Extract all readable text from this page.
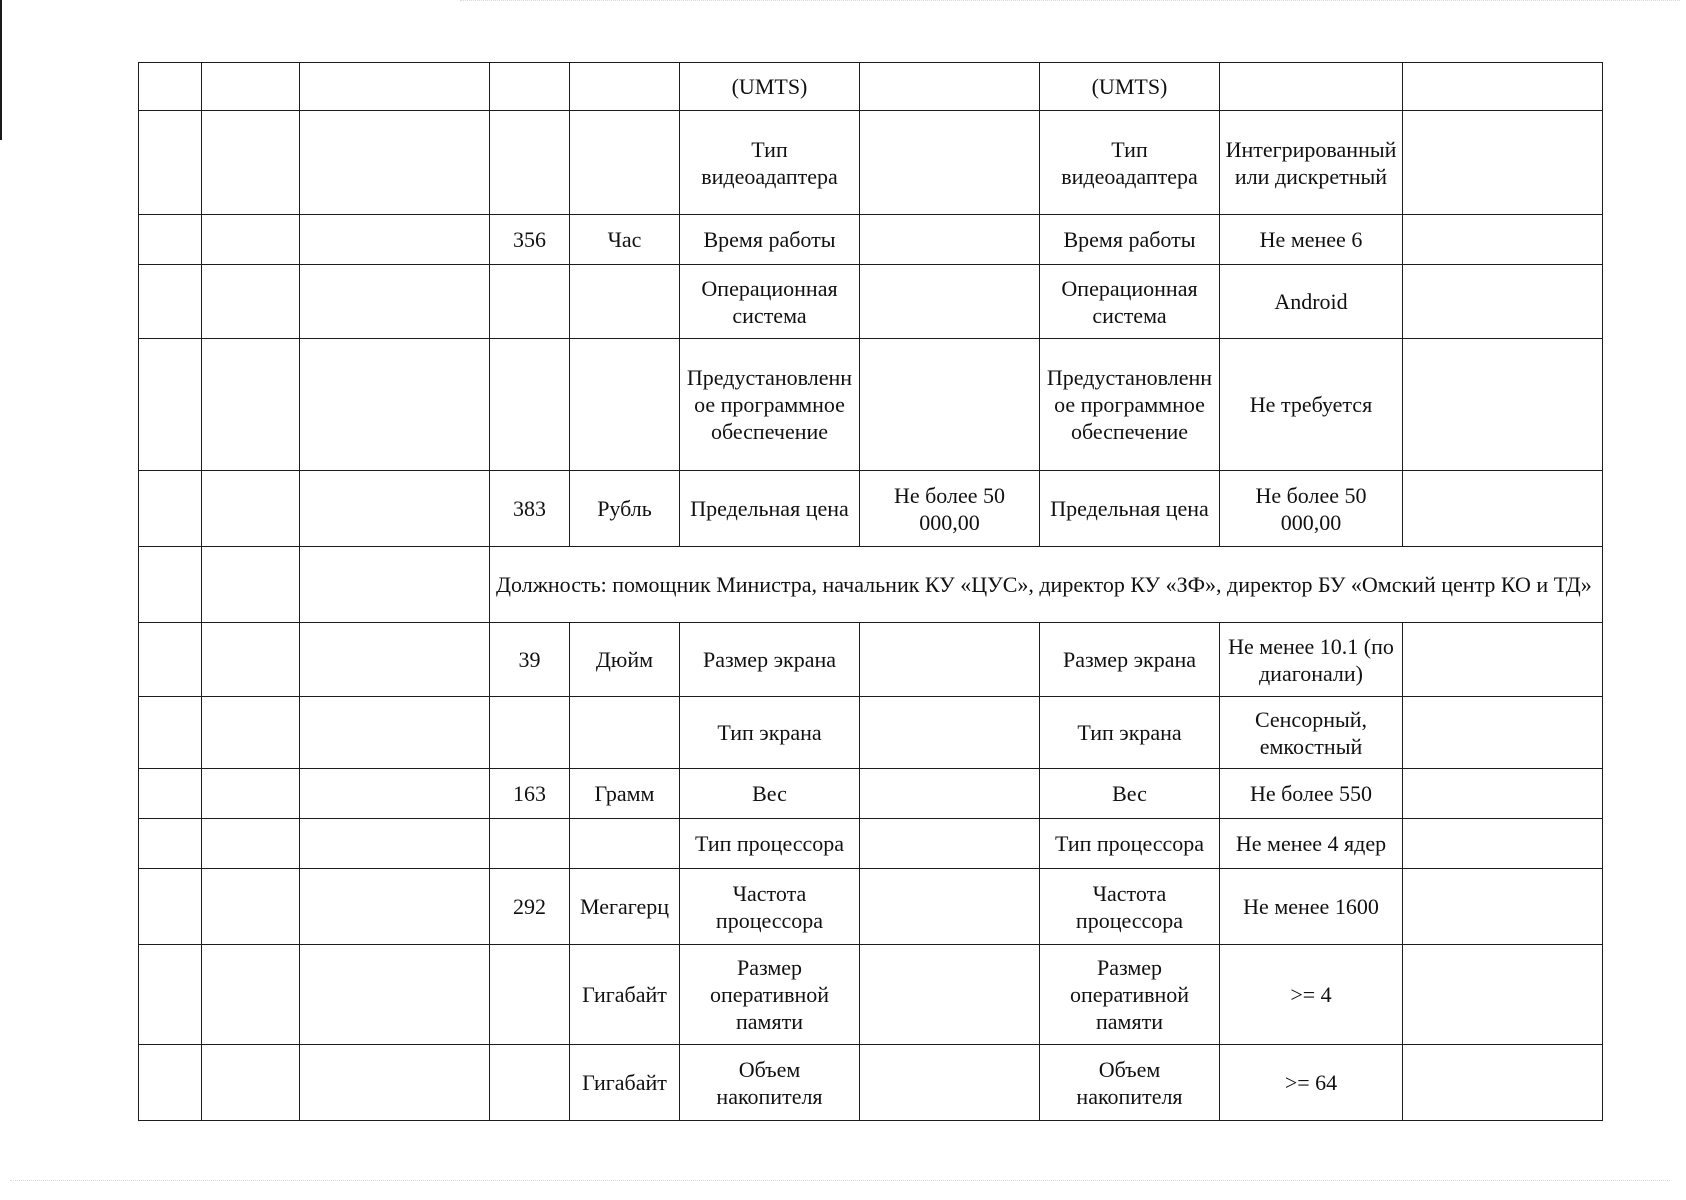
					(UMTS)		(UMTS)		
					Тип видеоадаптера		Тип видеоадаптера	Интегрированный или дискретный	
			356	Час	Время работы		Время работы	Не менее 6	
					Операционная система		Операционная система	Android	
					Предустановленное программное обеспечение		Предустановленное программное обеспечение	Не требуется	
			383	Рубль	Предельная цена	Не более 50 000,00	Предельная цена	Не более 50 000,00	
			Должность: помощник Министра, начальник КУ «ЦУС», директор КУ «ЗФ», директор БУ «Омский центр КО и ТД»						
			39	Дюйм	Размер экрана		Размер экрана	Не менее 10.1 (по диагонали)	
					Тип экрана		Тип экрана	Сенсорный, емкостный	
			163	Грамм	Вес		Вес	Не более 550	
					Тип процессора		Тип процессора	Не менее 4 ядер	
			292	Мегагерц	Частота процессора		Частота процессора	Не менее 1600	
				Гигабайт	Размер оперативной памяти		Размер оперативной памяти	>= 4	
				Гигабайт	Объем накопителя		Объем накопителя	>= 64	
